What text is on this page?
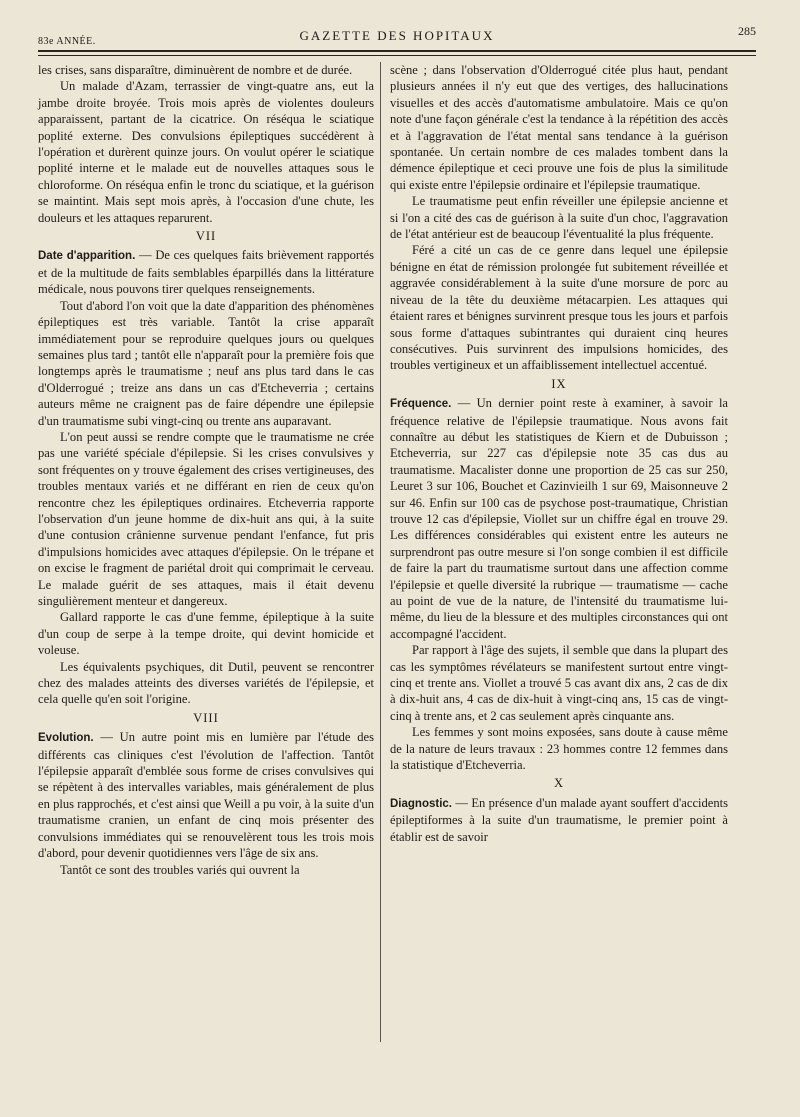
83e ANNÉE.	GAZETTE DES HOPITAUX	285

les crises, sans disparaître, diminuèrent de nombre et de durée.

Un malade d'Azam, terrassier de vingt-quatre ans, eut la jambe droite broyée. Trois mois après de violentes douleurs apparaissent, partant de la cicatrice. On réséqua le sciatique poplité externe. Des convulsions épileptiques succédèrent à l'opération et durèrent quinze jours. On voulut opérer le sciatique poplité interne et le malade eut de nouvelles attaques sous le chloroforme. On réséqua enfin le tronc du sciatique, et la guérison se maintint. Mais sept mois après, à l'occasion d'une chute, les douleurs et les attaques reparurent.

VII

Date d'apparition. — De ces quelques faits brièvement rapportés et de la multitude de faits semblables éparpillés dans la littérature médicale, nous pouvons tirer quelques renseignements.

Tout d'abord l'on voit que la date d'apparition des phénomènes épileptiques est très variable. Tantôt la crise apparaît immédiatement pour se reproduire quelques jours ou quelques semaines plus tard ; tantôt elle n'apparaît pour la première fois que longtemps après le traumatisme ; neuf ans plus tard dans le cas d'Olderrogué ; treize ans dans un cas d'Etcheverria ; certains auteurs même ne craignent pas de faire dépendre une épilepsie d'un traumatisme subi vingt-cinq ou trente ans auparavant.

L'on peut aussi se rendre compte que le traumatisme ne crée pas une variété spéciale d'épilepsie. Si les crises convulsives y sont fréquentes on y trouve également des crises vertigineuses, des troubles mentaux variés et ne différant en rien de ceux qu'on rencontre chez les épileptiques ordinaires. Etcheverria rapporte l'observation d'un jeune homme de dix-huit ans qui, à la suite d'une contusion crânienne survenue pendant l'enfance, fut pris d'impulsions homicides avec attaques d'épilepsie. On le trépane et on excise le fragment de pariétal droit qui comprimait le cerveau. Le malade guérit de ses attaques, mais il était devenu singulièrement menteur et dangereux.

Gallard rapporte le cas d'une femme, épileptique à la suite d'un coup de serpe à la tempe droite, qui devint homicide et voleuse.

Les équivalents psychiques, dit Dutil, peuvent se rencontrer chez des malades atteints des diverses variétés de l'épilepsie, et cela quelle qu'en soit l'origine.

VIII

Evolution. — Un autre point mis en lumière par l'étude des différents cas cliniques c'est l'évolution de l'affection. Tantôt l'épilepsie apparaît d'emblée sous forme de crises convulsives qui se répètent à des intervalles variables, mais généralement de plus en plus rapprochés, et c'est ainsi que Weill a pu voir, à la suite d'un traumatisme cranien, un enfant de cinq mois présenter des convulsions immédiates qui se renouvelèrent tous les trois mois d'abord, pour devenir quotidiennes vers l'âge de six ans.

Tantôt ce sont des troubles variés qui ouvrent la

scène ; dans l'observation d'Olderrogué citée plus haut, pendant plusieurs années il n'y eut que des vertiges, des hallucinations visuelles et des accès d'automatisme ambulatoire. Mais ce qu'on note d'une façon générale c'est la tendance à la répétition des accès et à l'aggravation de l'état mental sans tendance à la guérison spontanée. Un certain nombre de ces malades tombent dans la démence épileptique et ceci prouve une fois de plus la similitude qui existe entre l'épilepsie ordinaire et l'épilepsie traumatique.

Le traumatisme peut enfin réveiller une épilepsie ancienne et si l'on a cité des cas de guérison à la suite d'un choc, l'aggravation de l'état antérieur est de beaucoup l'éventualité la plus fréquente.

Féré a cité un cas de ce genre dans lequel une épilepsie bénigne en état de rémission prolongée fut subitement réveillée et aggravée considérablement à la suite d'une morsure de porc au niveau de la tête du deuxième métacarpien. Les attaques qui étaient rares et bénignes survinrent presque tous les jours et parfois sous forme d'attaques subintrantes qui duraient cinq heures consécutives. Puis survinrent des impulsions homicides, des troubles vertigineux et un affaiblissement intellectuel accentué.

IX

Fréquence. — Un dernier point reste à examiner, à savoir la fréquence relative de l'épilepsie traumatique. Nous avons fait connaître au début les statistiques de Kiern et de Dubuisson ; Etcheverria, sur 227 cas d'épilepsie note 35 cas dus au traumatisme. Macalister donne une proportion de 25 cas sur 250, Leuret 3 sur 106, Bouchet et Cazinvieilh 1 sur 69, Maisonneuve 2 sur 46. Enfin sur 100 cas de psychose post-traumatique, Christian trouve 12 cas d'épilepsie, Viollet sur un chiffre égal en trouve 29. Les différences considérables qui existent entre les auteurs ne surprendront pas outre mesure si l'on songe combien il est difficile de faire la part du traumatisme surtout dans une affection comme l'épilepsie et quelle diversité la rubrique — traumatisme — cache au point de vue de la nature, de l'intensité du traumatisme lui-même, du lieu de la blessure et des multiples circonstances qui ont accompagné l'accident.

Par rapport à l'âge des sujets, il semble que dans la plupart des cas les symptômes révélateurs se manifestent surtout entre vingt-cinq et trente ans. Viollet a trouvé 5 cas avant dix ans, 2 cas de dix à dix-huit ans, 4 cas de dix-huit à vingt-cinq ans, 15 cas de vingt-cinq à trente ans, et 2 cas seulement après cinquante ans.

Les femmes y sont moins exposées, sans doute à cause même de la nature de leurs travaux : 23 hommes contre 12 femmes dans la statistique d'Etcheverria.

X

Diagnostic. — En présence d'un malade ayant souffert d'accidents épileptiformes à la suite d'un traumatisme, le premier point à établir est de savoir
